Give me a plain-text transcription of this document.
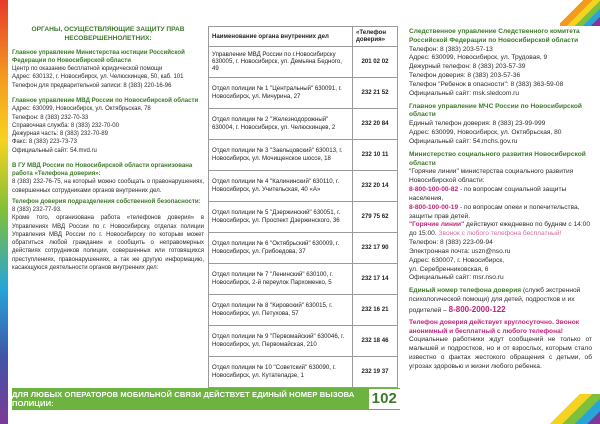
ОРГАНЫ, ОСУЩЕСТВЛЯЮЩИЕ ЗАЩИТУ ПРАВ НЕСОВЕРШЕННОЛЕТНИХ:
Главное управление Министерства юстиции Российской Федерации по Новосибирской области
Центр по оказанию бесплатной юридической помощи
Адрес: 630132, г. Новосибирск, ул. Челюскинцев, 50, каб. 101
Телефон для предварительной записи: 8 (383) 220-16-96
Главное управление МВД России по Новосибирской области
Адрес: 630099, Новосибирск, ул. Октябрьская, 78
Телефон: 8 (383) 232-70-33
Справочная служба: 8 (383) 232-70-00
Дежурная часть: 8 (383) 232-70-89
Факс: 8 (383) 223-73-73
Официальный сайт: 54.mvd.ru
В ГУ МВД России по Новосибирской области организована работа «Телефона доверия»:
8 (383) 232-76-75, на который можно сообщать о правонарушениях, совершенных сотрудниками органов внутренних дел.
Телефон доверия подразделения собственной безопасности: 8 (383) 232-77-93.
Кроме того, организована работа «телефонов доверия» в Управлениях МВД России по г. Новосибирску, отделах полиции Управления МВД России по г. Новосибирску по которым может обратиться любой гражданин и сообщить о неправомерных действиях сотрудников полиции, совершенных или готовящихся преступлениях, правонарушениях, а так же другую информацию, касающуюся деятельности органов внутренних дел:
Наименование органа внутренних дел	«Телефон доверия»
Управление МВД России по г.Новосибирску 630005, г. Новосибирск, ул. Демьяна Бедного, 49	201 02 02
Отдел полиции № 1 "Центральный" 630091, г. Новосибирск, ул. Мичурина, 27	232 21 52
Отдел полиции № 2 "Железнодорожный" 630004, г. Новосибирск, ул. Челюскинцев, 2	232 20 84
Отдел полиции № 3 "Заельцовский" 630013, г. Новосибирск, ул. Мочищенское шоссе, 18	232 10 11
Отдел полиции № 4 "Калининский" 630110, г. Новосибирск, ул. Учительская, 40 «А»	232 20 14
Отдел полиции № 5 "Дзержинский" 630051, г. Новосибирск, ул. Проспект Дзержинского, 36	279 75 62
Отдел полиции № 6 "Октябрьский" 630009, г. Новосибирск, ул. Грибоедова, 37	232 17 90
Отдел полиции № 7 "Ленинский" 630100, г. Новосибирск, 2-й переулок Пархоменко, 5	232 17 14
Отдел полиции № 8 "Кировский" 630015, г. Новосибирск, ул. Петухова, 57	232 16 21
Отдел полиции № 9 "Первомайский" 630046, г. Новосибирск, ул. Первомайская, 210	232 18 46
Отдел полиции № 10 "Советский" 630090, г. Новосибирск, ул. Кутателадзе, 1	232 19 37
Следственное управление Следственного комитета Российской Федерации по Новосибирской области
Телефон: 8 (383) 203-57-13
Адрес: 630099, Новосибирск, ул. Трудовая, 9
Дежурный телефон: 8 (383) 203-57-39
Телефон доверия: 8 (383) 203-57-36
Телефон "Ребенок в опасности": 8 (383) 363-59-08
Официальный сайт: msk.sledcom.ru
Главное управление МЧС России по Новосибирской области
Единый телефон доверия: 8 (383) 23-99-999
Адрес: 630099, Новосибирск, ул. Октябрьская, 80
Официальный сайт: 54.mchs.gov.ru
Министерство социального развития Новосибирской области
"Горячие линии" министерства социального развития Новосибирской области:
8-800-100-00-82 - по вопросам социальной защиты населения,
8-800-100-00-19 - по вопросам опеки и попечительства, защиты прав детей.
"Горячие линии" действуют ежедневно по будням с 14:00 до 15:00. Звонок с любого телефона бесплатный!
Телефон: 8 (383) 223-09-94
Электронная почта: uszn@nso.ru
Адрес: 630007, г. Новосибирск,
ул. Серебренниковская, 6
Официальный сайт: msr.nso.ru
Единый номер телефона доверия (служб экстренной психологической помощи) для детей, подростков и их родителей – 8-800-2000-122
Телефон доверия действует круглосуточно. Звонок анонимный и бесплатный с любого телефона!
Социальные работники ждут сообщений не только от малышей и подростков, но и от взрослых, которым стало известно о фактах жестокого обращения с детьми, об угрозах здоровью и жизни любого ребенка.
ДЛЯ ЛЮБЫХ ОПЕРАТОРОВ МОБИЛЬНОЙ СВЯЗИ ДЕЙСТВУЕТ ЕДИНЫЙ НОМЕР ВЫЗОВА ПОЛИЦИИ:	102
